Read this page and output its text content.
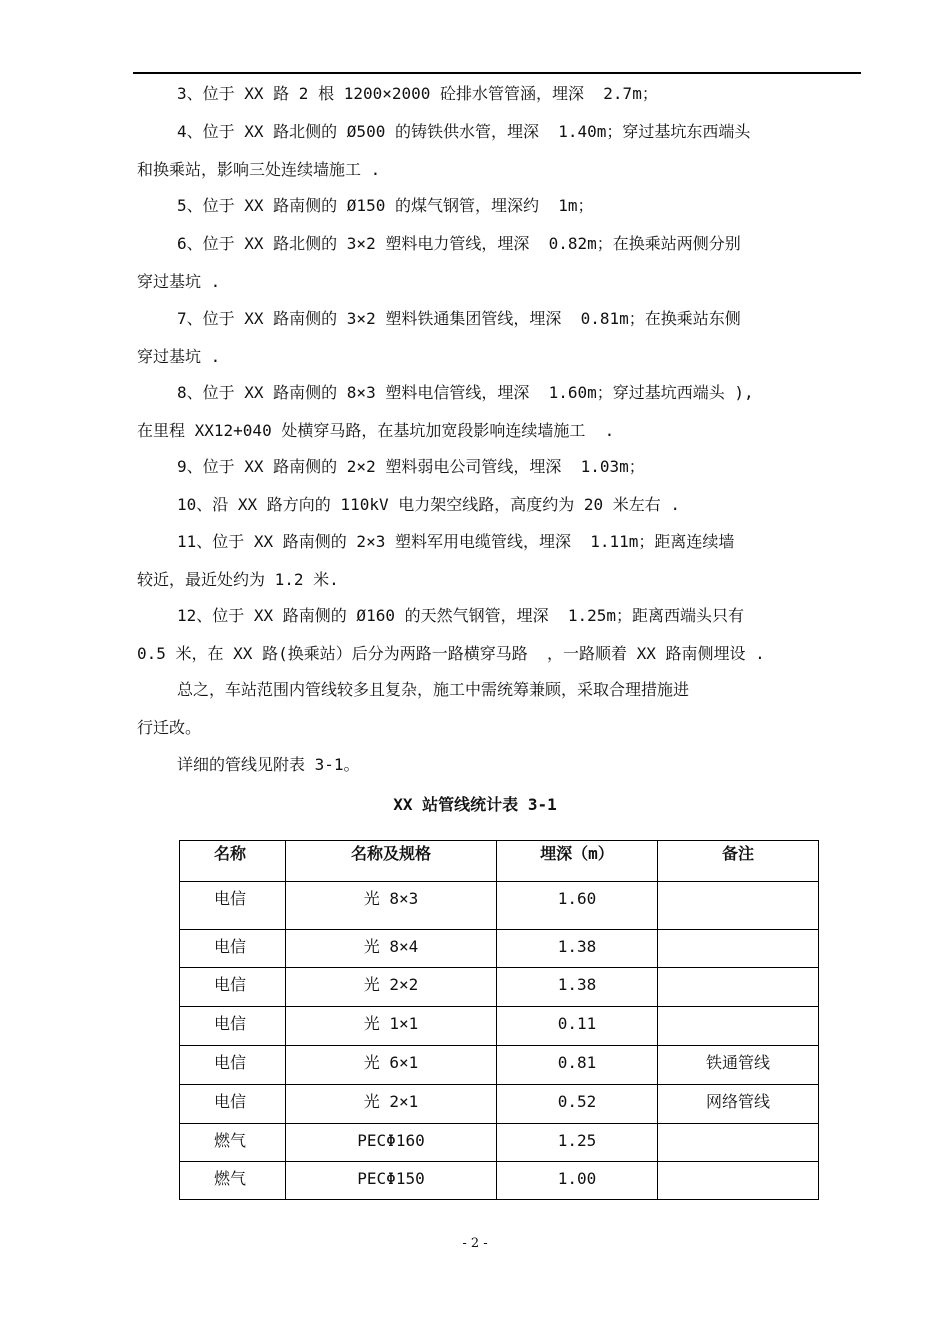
3、位于 XX 路 2 根 1200×2000 砼排水管管涵，埋深  2.7m；
4、位于 XX 路北侧的 Ø500 的铸铁供水管，埋深  1.40m；穿过基坑东西端头
和换乘站，影响三处连续墙施工 .
5、位于 XX 路南侧的 Ø150 的煤气钢管，埋深约  1m；
6、位于 XX 路北侧的 3×2 塑料电力管线，埋深  0.82m；在换乘站两侧分别
穿过基坑 .
7、位于 XX 路南侧的 3×2 塑料铁通集团管线，埋深  0.81m；在换乘站东侧
穿过基坑 .
8、位于 XX 路南侧的 8×3 塑料电信管线，埋深  1.60m；穿过基坑西端头 ),
在里程 XX12+040 处横穿马路，在基坑加宽段影响连续墙施工  .
9、位于 XX 路南侧的 2×2 塑料弱电公司管线，埋深  1.03m；
10、沿 XX 路方向的 110kV 电力架空线路，高度约为 20 米左右 .
11、位于 XX 路南侧的 2×3 塑料军用电缆管线，埋深  1.11m；距离连续墙
较近，最近处约为 1.2 米.
12、位于 XX 路南侧的 Ø160 的天然气钢管，埋深  1.25m；距离西端头只有
0.5 米，在 XX 路(换乘站）后分为两路一路横穿马路  ，一路顺着 XX 路南侧埋设 .
总之，车站范围内管线较多且复杂，施工中需统筹兼顾，采取合理措施进
行迁改。
详细的管线见附表 3-1。
XX 站管线统计表 3-1
名称	名称及规格	埋深（m）	备注
电信	光 8×3	1.60	
电信	光 8×4	1.38	
电信	光 2×2	1.38	
电信	光 1×1	0.11	
电信	光 6×1	0.81	铁通管线
电信	光 2×1	0.52	网络管线
燃气	PECΦ160	1.25	
燃气	PECΦ150	1.00	
- 2 -
